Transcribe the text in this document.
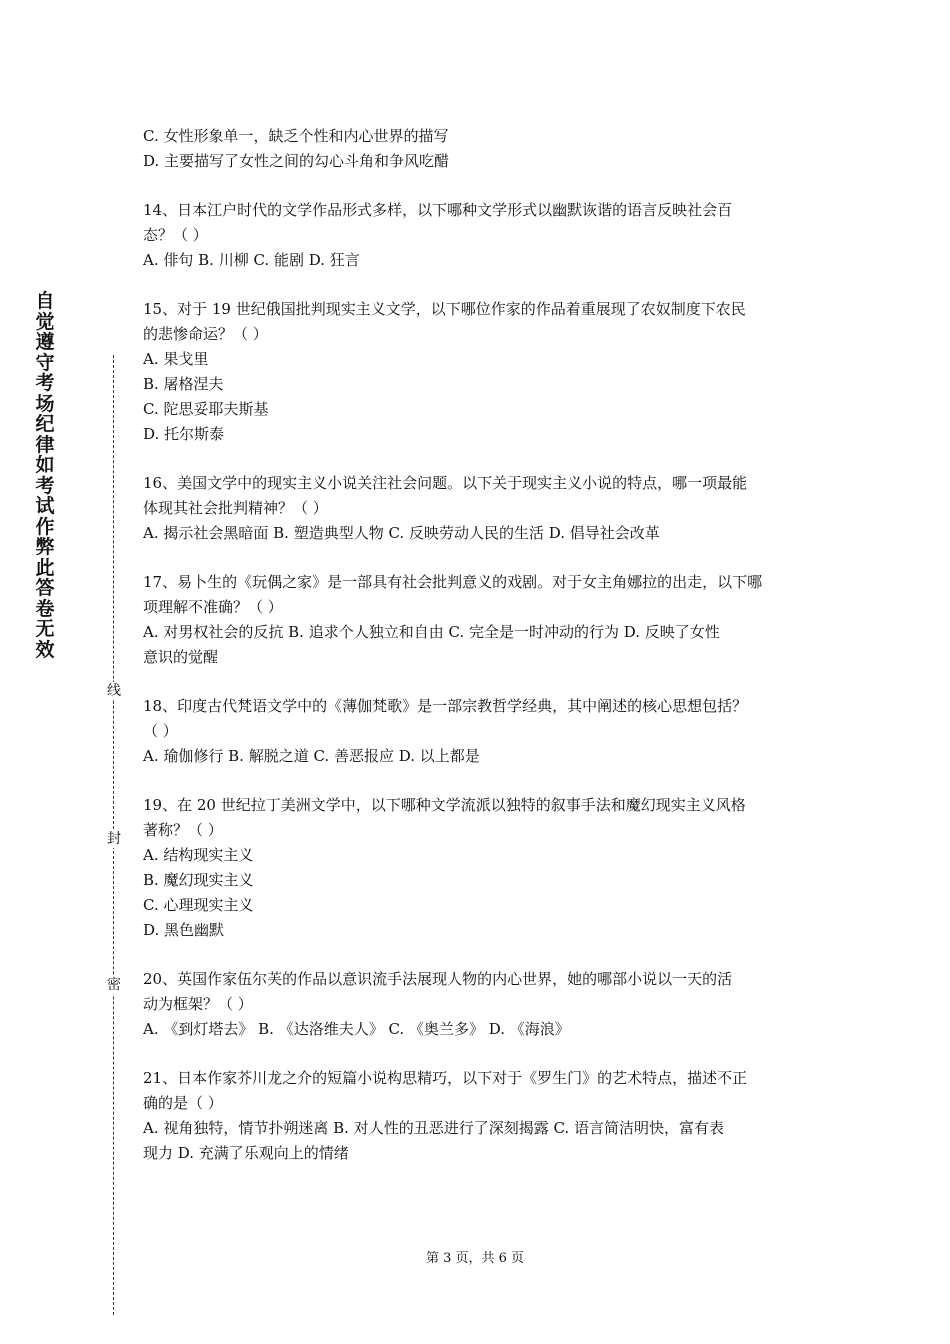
自觉遵守考场纪律如考试作弊此答卷无效
线
封
密
C. 女性形象单一，缺乏个性和内心世界的描写
D. 主要描写了女性之间的勾心斗角和争风吃醋
14、日本江户时代的文学作品形式多样，以下哪种文学形式以幽默诙谐的语言反映社会百
态？（ ）
A. 俳句 B. 川柳 C. 能剧 D. 狂言
15、对于 19 世纪俄国批判现实主义文学，以下哪位作家的作品着重展现了农奴制度下农民
的悲惨命运？（ ）
A. 果戈里
B. 屠格涅夫
C. 陀思妥耶夫斯基
D. 托尔斯泰
16、美国文学中的现实主义小说关注社会问题。以下关于现实主义小说的特点，哪一项最能
体现其社会批判精神？（ ）
A. 揭示社会黑暗面 B. 塑造典型人物 C. 反映劳动人民的生活 D. 倡导社会改革
17、易卜生的《玩偶之家》是一部具有社会批判意义的戏剧。对于女主角娜拉的出走，以下哪
项理解不准确？（ ）
A. 对男权社会的反抗 B. 追求个人独立和自由 C. 完全是一时冲动的行为 D. 反映了女性
意识的觉醒
18、印度古代梵语文学中的《薄伽梵歌》是一部宗教哲学经典，其中阐述的核心思想包括？
（ ）
A. 瑜伽修行 B. 解脱之道 C. 善恶报应 D. 以上都是
19、在 20 世纪拉丁美洲文学中，以下哪种文学流派以独特的叙事手法和魔幻现实主义风格
著称？（ ）
A. 结构现实主义
B. 魔幻现实主义
C. 心理现实主义
D. 黑色幽默
20、英国作家伍尔芙的作品以意识流手法展现人物的内心世界，她的哪部小说以一天的活
动为框架？（ ）
A. 《到灯塔去》 B. 《达洛维夫人》 C. 《奥兰多》 D. 《海浪》
21、日本作家芥川龙之介的短篇小说构思精巧，以下对于《罗生门》的艺术特点，描述不正
确的是（ ）
A. 视角独特，情节扑朔迷离 B. 对人性的丑恶进行了深刻揭露 C. 语言简洁明快，富有表
现力 D. 充满了乐观向上的情绪
第 3 页，共 6 页
